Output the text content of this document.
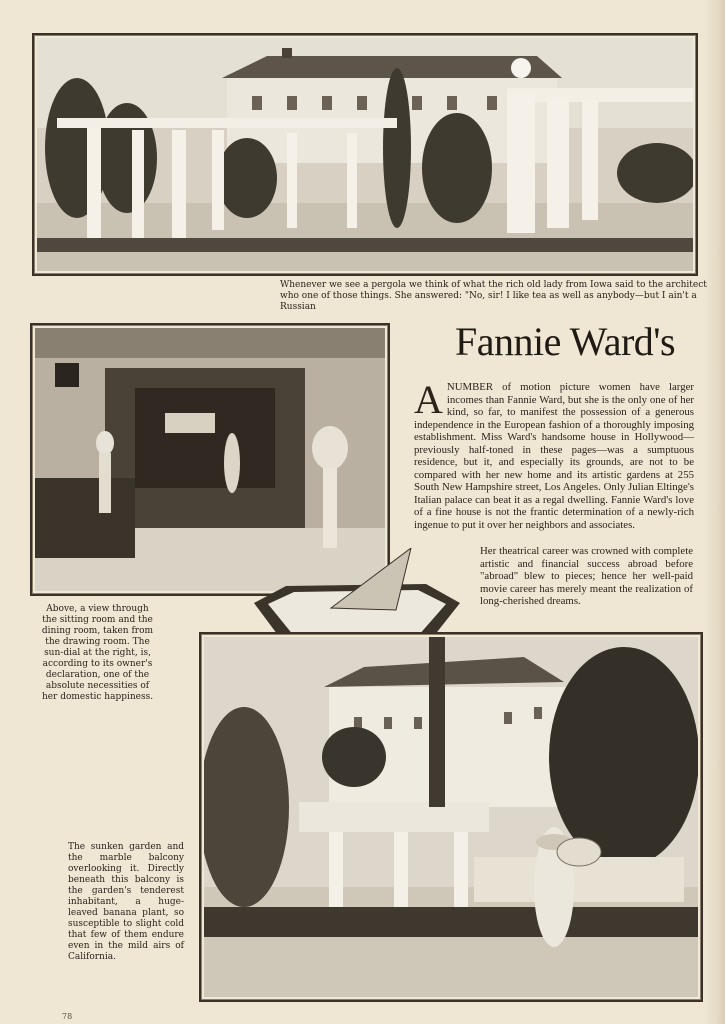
Whenever we see a pergola we think of what the rich old lady from Iowa said to the architect who one of those things. She answered: "No, sir! I like tea as well as anybody—but I ain't a Russian
Above, a view through the sitting room and the dining room, taken from the drawing room. The sun-dial at the right, is, according to its owner's declaration, one of the absolute necessities of her domestic happiness.
Fannie Ward's
A NUMBER of motion picture women have larger incomes than Fannie Ward, but she is the only one of her kind, so far, to manifest the possession of a generous independence in the European fashion of a thoroughly imposing establishment. Miss Ward's handsome house in Hollywood—previously half-toned in these pages—was a sumptuous residence, but it, and especially its grounds, are not to be compared with her new home and its artistic gardens at 255 South New Hampshire street, Los Angeles. Only Julian Eltinge's Italian palace can beat it as a regal dwelling. Fannie Ward's love of a fine house is not the frantic determination of a newly-rich ingenue to put it over her neighbors and associates.
Her theatrical career was crowned with complete artistic and financial success abroad before "abroad" blew to pieces; hence her well-paid movie career has merely meant the realization of long-cherished dreams.
The sunken garden and the marble balcony overlooking it. Directly beneath this balcony is the garden's tenderest inhabitant, a huge-leaved banana plant, so susceptible to slight cold that few of them endure even in the mild airs of California.
78
